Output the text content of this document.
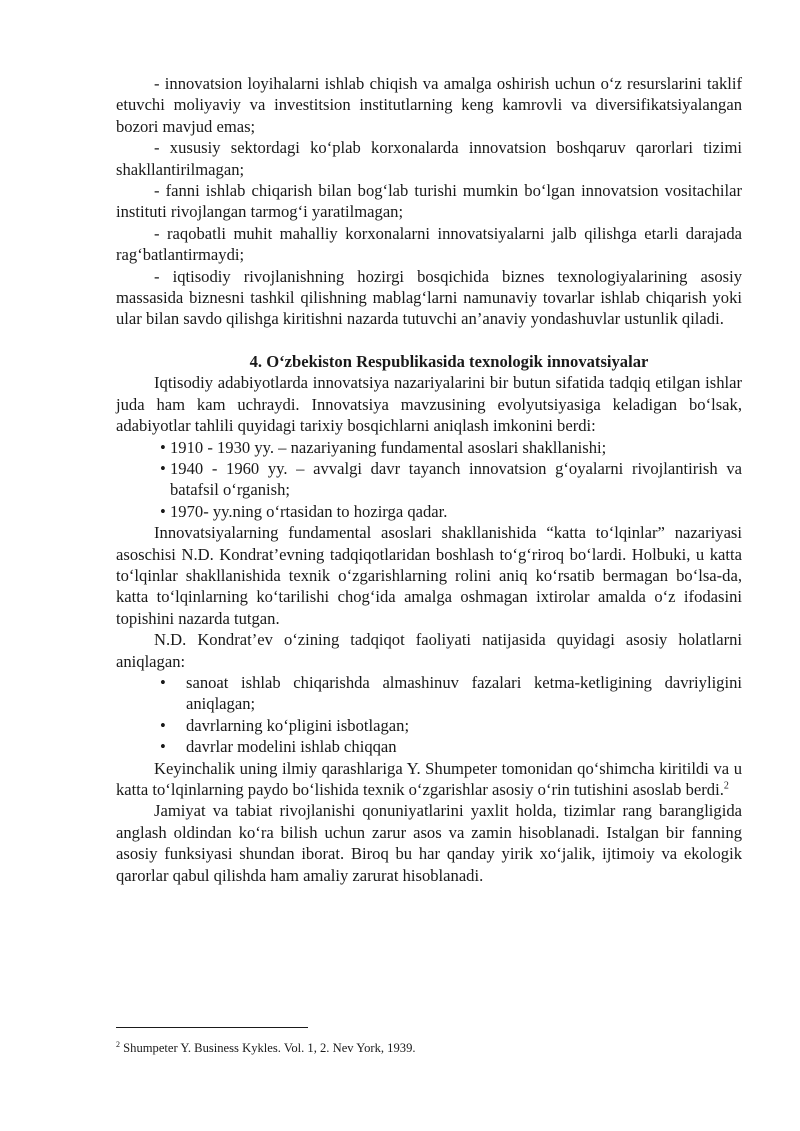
- innovatsion loyihalarni ishlab chiqish va amalga oshirish uchun o‘z resurslarini taklif etuvchi moliyaviy va investitsion institutlarning keng kamrovli va diversifikatsiyalangan bozori mavjud emas;

- xususiy sektordagi ko‘plab korxonalarda innovatsion boshqaruv qarorlari tizimi shakllantirilmagan;

- fanni ishlab chiqarish bilan bog‘lab turishi mumkin bo‘lgan innovatsion vositachilar instituti rivojlangan tarmog‘i yaratilmagan;

- raqobatli muhit mahalliy korxonalarni innovatsiyalarni jalb qilishga etarli darajada rag‘batlantirmaydi;

- iqtisodiy rivojlanishning hozirgi bosqichida biznes texnologiyalarining asosiy massasida biznesni tashkil qilishning mablag‘larni namunaviy tovarlar ishlab chiqarish yoki ular bilan savdo qilishga kiritishni nazarda tutuvchi an’anaviy yondashuvlar ustunlik qiladi.

4. O‘zbekiston Respublikasida texnologik innovatsiyalar

Iqtisodiy adabiyotlarda innovatsiya nazariyalarini bir butun sifatida tadqiq etilgan ishlar juda ham kam uchraydi. Innovatsiya mavzusining evolyutsiyasiga keladigan bo‘lsak, adabiyotlar tahlili quyidagi tarixiy bosqichlarni aniqlash imkonini berdi:

• 1910 - 1930 yy. – nazariyaning fundamental asoslari shakllanishi;
• 1940 - 1960 yy. – avvalgi davr tayanch innovatsion g‘oyalarni rivojlantirish va batafsil o‘rganish;
• 1970- yy.ning o‘rtasidan to hozirga qadar.

Innovatsiyalarning fundamental asoslari shakllanishida “katta to‘lqinlar” nazariyasi asoschisi N.D. Kondrat’evning tadqiqotlaridan boshlash to‘g‘riroq bo‘lardi. Holbuki, u katta to‘lqinlar shakllanishida texnik o‘zgarishlarning rolini aniq ko‘rsatib bermagan bo‘lsa-da, katta to‘lqinlarning ko‘tarilishi chog‘ida amalga oshmagan ixtirolar amalda o‘z ifodasini topishini nazarda tutgan.

N.D. Kondrat’ev o‘zining tadqiqot faoliyati natijasida quyidagi asosiy holatlarni aniqlagan:

• sanoat ishlab chiqarishda almashinuv fazalari ketma-ketligining davriyligini aniqlagan;
• davrlarning ko‘pligini isbotlagan;
• davrlar modelini ishlab chiqqan

Keyinchalik uning ilmiy qarashlariga Y. Shumpeter tomonidan qo‘shimcha kiritildi va u katta to‘lqinlarning paydo bo‘lishida texnik o‘zgarishlar asosiy o‘rin tutishini asoslab berdi.$^2$

Jamiyat va tabiat rivojlanishi qonuniyatlarini yaxlit holda, tizimlar rang barangligida anglash oldindan ko‘ra bilish uchun zarur asos va zamin hisoblanadi. Istalgan bir fanning asosiy funksiyasi shundan iborat. Biroq bu har qanday yirik xo‘jalik, ijtimoiy va ekologik qarorlar qabul qilishda ham amaliy zarurat hisoblanadi.

$^2$ Shumpeter Y. Business Kykles. Vol. 1, 2. Nev York, 1939.
